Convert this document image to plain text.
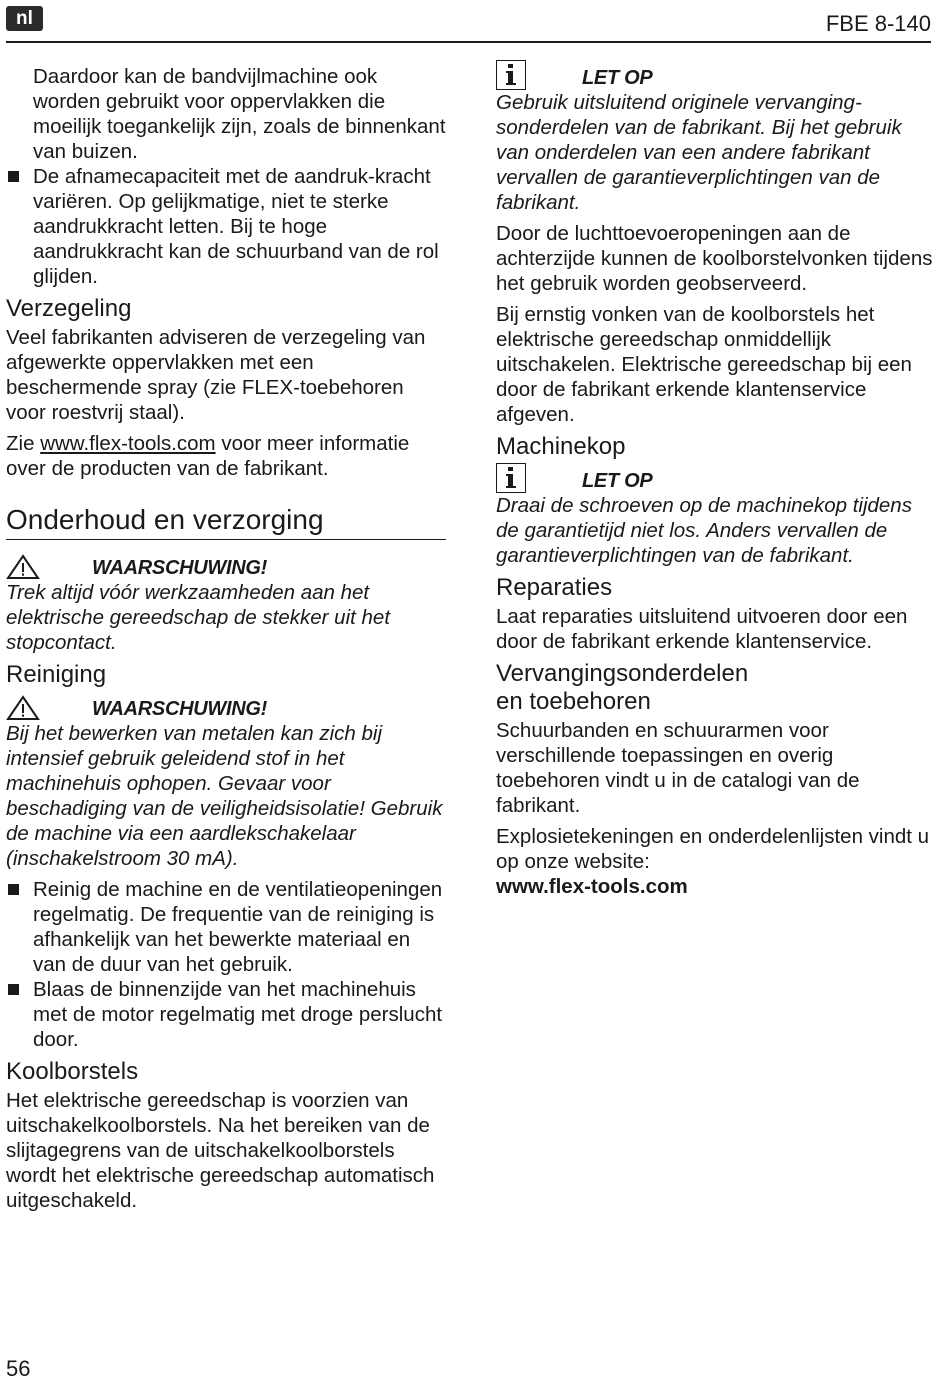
nl	FBE 8-140

Daardoor kan de bandvijlmachine ook worden gebruikt voor oppervlakken die moeilijk toegankelijk zijn, zoals de binnenkant van buizen.

De afnamecapaciteit met de aandruk-kracht variëren. Op gelijkmatige, niet te sterke aandrukkracht letten. Bij te hoge aandrukkracht kan de schuurband van de rol glijden.
Verzegeling

Veel fabrikanten adviseren de verzegeling van afgewerkte oppervlakken met een beschermende spray (zie FLEX-toebehoren voor roestvrij staal).

Zie www.flex-tools.com voor meer informatie over de producten van de fabrikant.

Onderhoud en verzorging
WAARSCHUWING!

Trek altijd vóór werkzaamheden aan het elektrische gereedschap de stekker uit het stopcontact.

Reiniging
WAARSCHUWING!

Bij het bewerken van metalen kan zich bij intensief gebruik geleidend stof in het machinehuis ophopen. Gevaar voor beschadiging van de veiligheidsisolatie! Gebruik de machine via een aardlekschakelaar (inschakelstroom 30 mA).

Reinig de machine en de ventilatieopeningen regelmatig. De frequentie van de reiniging is afhankelijk van het bewerkte materiaal en van de duur van het gebruik.
Blaas de binnenzijde van het machinehuis met de motor regelmatig met droge perslucht door.
Koolborstels

Het elektrische gereedschap is voorzien van uitschakelkoolborstels. Na het bereiken van de slijtagegrens van de uitschakelkoolborstels wordt het elektrische gereedschap automatisch uitgeschakeld.

LET OP

Gebruik uitsluitend originele vervanging-sonderdelen van de fabrikant. Bij het gebruik van onderdelen van een andere fabrikant vervallen de garantieverplichtingen van de fabrikant.

Door de luchttoevoeropeningen aan de achterzijde kunnen de koolborstelvonken tijdens het gebruik worden geobserveerd.

Bij ernstig vonken van de koolborstels het elektrische gereedschap onmiddellijk uitschakelen. Elektrische gereedschap bij een door de fabrikant erkende klantenservice afgeven.

Machinekop
LET OP

Draai de schroeven op de machinekop tijdens de garantietijd niet los. Anders vervallen de garantieverplichtingen van de fabrikant.

Reparaties

Laat reparaties uitsluitend uitvoeren door een door de fabrikant erkende klantenservice.

Vervangingsonderdelen
en toebehoren

Schuurbanden en schuurarmen voor verschillende toepassingen en overig toebehoren vindt u in de catalogi van de fabrikant.

Explosietekeningen en onderdelenlijsten vindt u op onze website:

www.flex-tools.com
56
